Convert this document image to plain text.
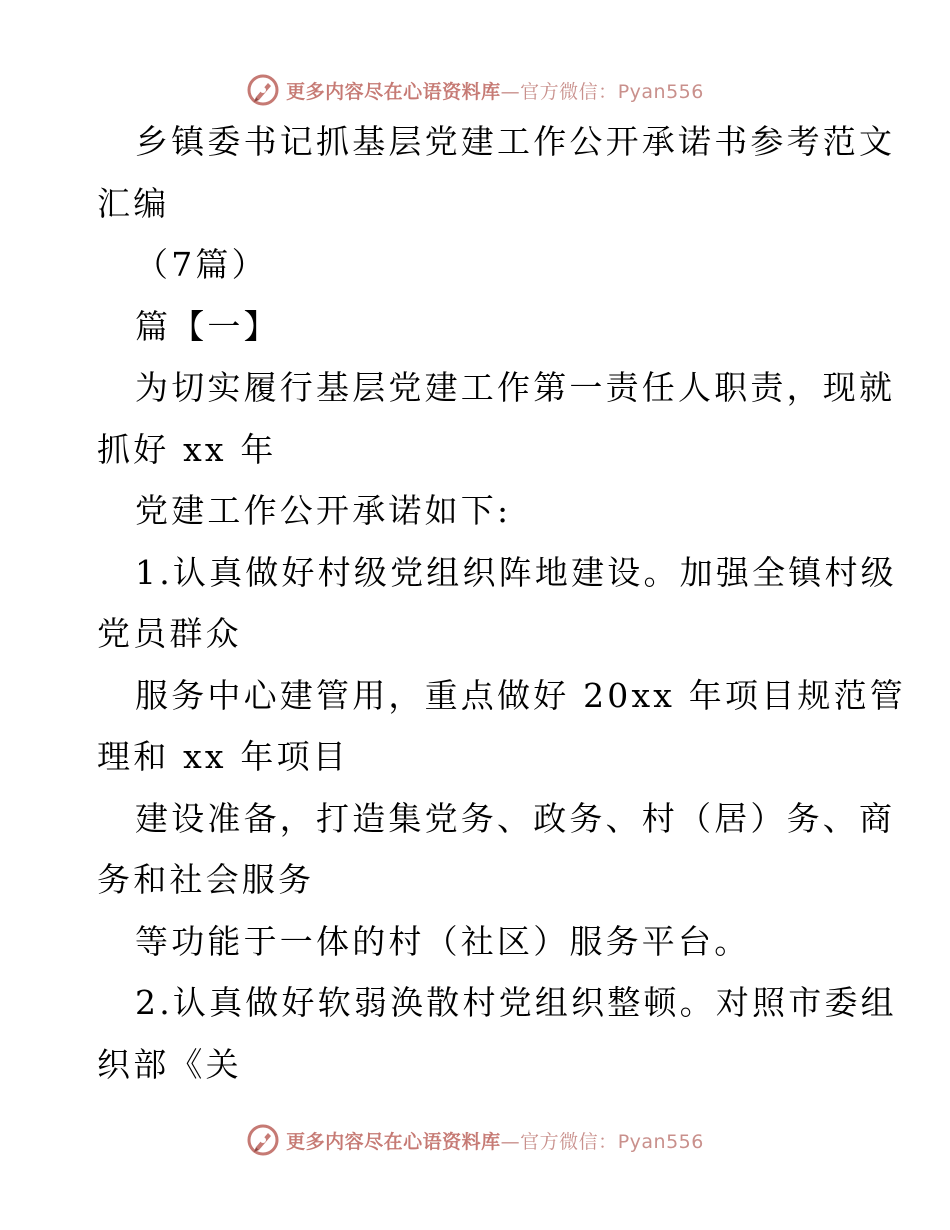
更多内容尽在心语资料库—官方微信：Pyan556
乡镇委书记抓基层党建工作公开承诺书参考范文
汇编
（7篇）
篇【一】
为切实履行基层党建工作第一责任人职责，现就
抓好 xx 年
党建工作公开承诺如下:
1.认真做好村级党组织阵地建设。加强全镇村级
党员群众
服务中心建管用，重点做好 20xx 年项目规范管
理和 xx 年项目
建设准备，打造集党务、政务、村（居）务、商
务和社会服务
等功能于一体的村（社区）服务平台。
2.认真做好软弱涣散村党组织整顿。对照市委组
织部《关
更多内容尽在心语资料库—官方微信：Pyan556
